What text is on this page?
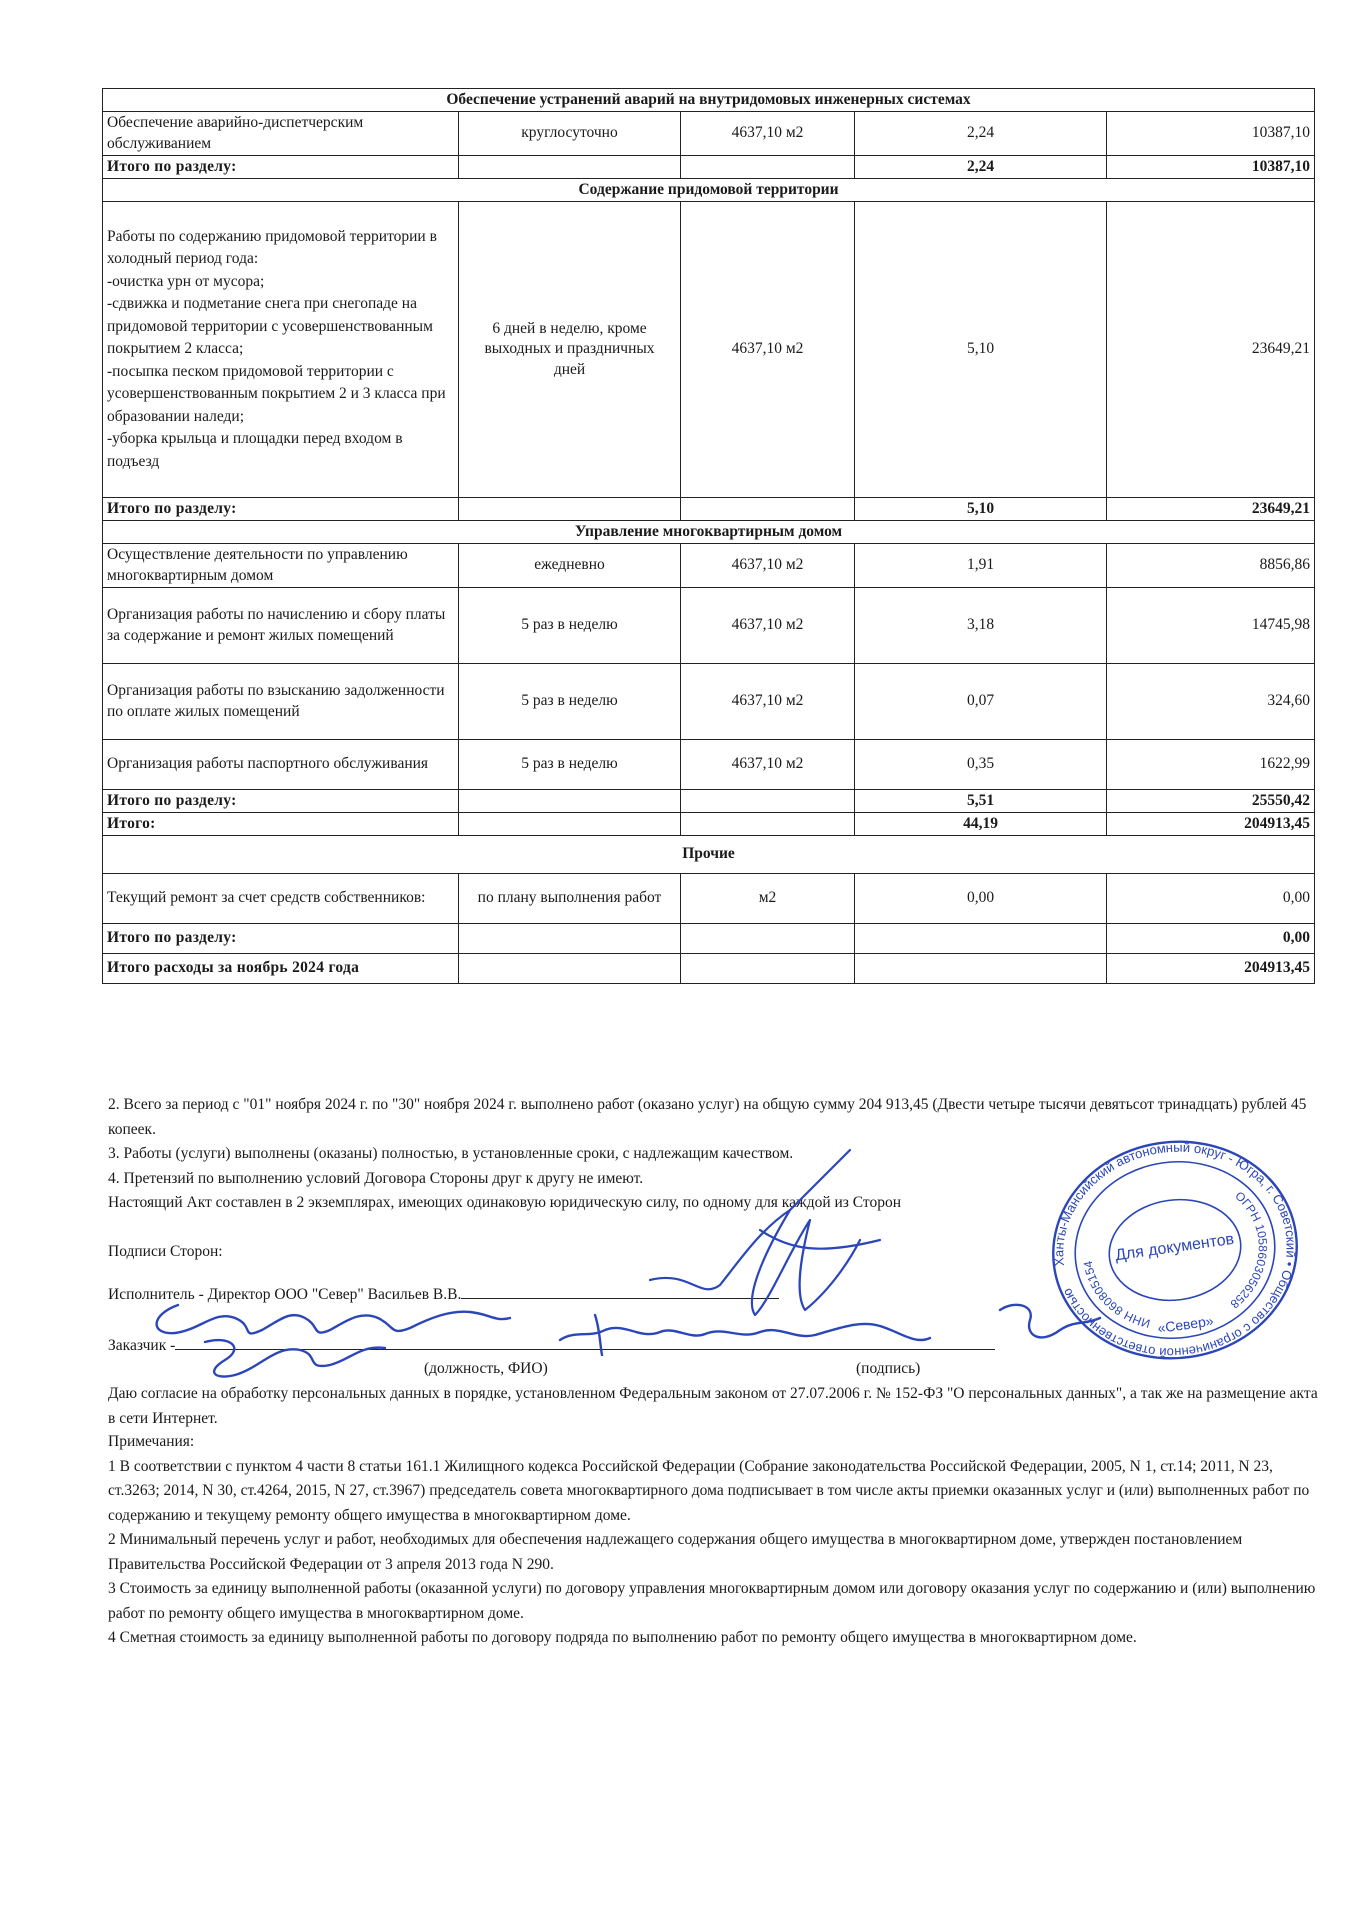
Обеспечение устранений аварий на внутридомовых инженерных системах				
Обеспечение аварийно-диспетчерским обслуживанием	круглосуточно	4637,10 м2	2,24	10387,10
Итого по разделу:			2,24	10387,10
Содержание придомовой территории				
Работы по содержанию придомовой территории в холодный период года:
-очистка урн от мусора;
-сдвижка и подметание снега при снегопаде на придомовой территории с усовершенствованным покрытием 2 класса;
-посыпка песком придомовой территории с усовершенствованным покрытием 2 и 3 класса при образовании наледи;
-уборка крыльца и площадки перед входом в подъезд	6 дней в неделю, кроме выходных и праздничных дней	4637,10 м2	5,10	23649,21
Итого по разделу:			5,10	23649,21
Управление многоквартирным домом				
Осуществление деятельности по управлению многоквартирным домом	ежедневно	4637,10 м2	1,91	8856,86
Организация работы по начислению и сбору платы за содержание и ремонт жилых помещений	5 раз в неделю	4637,10 м2	3,18	14745,98
Организация работы по взысканию задолженности по оплате жилых помещений	5 раз в неделю	4637,10 м2	0,07	324,60
Организация работы паспортного обслуживания	5 раз в неделю	4637,10 м2	0,35	1622,99
Итого по разделу:			5,51	25550,42
Итого:			44,19	204913,45
Прочие				
Текущий ремонт за счет средств собственников:	по плану выполнения работ	м2	0,00	0,00
Итого по разделу:				0,00
Итого расходы за ноябрь 2024 года				204913,45

2. Всего за период с "01" ноября 2024 г. по "30" ноября 2024 г. выполнено работ (оказано услуг) на общую сумму 204 913,45 (Двести четыре тысячи девятьсот тринадцать) рублей 45 копеек.

3. Работы (услуги) выполнены (оказаны) полностью, в установленные сроки, с надлежащим качеством.

4. Претензий по выполнению условий Договора Стороны друг к другу не имеют.

Настоящий Акт составлен в 2 экземплярах, имеющих одинаковую юридическую силу, по одному для каждой из Сторон

Подписи Сторон:
Исполнитель - Директор ООО "Север" Васильев В.В.
Заказчик -
(должность, ФИО)	(подпись)
Даю согласие на обработку персональных данных в порядке, установленном Федеральным законом от 27.07.2006 г. № 152-ФЗ "О персональных данных", а так же на размещение акта в сети Интернет.

Примечания:

1 В соответствии с пунктом 4 части 8 статьи 161.1 Жилищного кодекса Российской Федерации (Собрание законодательства Российской Федерации, 2005, N 1, ст.14; 2011, N 23, ст.3263; 2014, N 30, ст.4264, 2015, N 27, ст.3967) председатель совета многоквартирного дома подписывает в том числе акты приемки оказанных услуг и (или) выполненных работ по содержанию и текущему ремонту общего имущества в многоквартирном доме.

2 Минимальный перечень услуг и работ, необходимых для обеспечения надлежащего содержания общего имущества в многоквартирном доме, утвержден постановлением Правительства Российской Федерации от 3 апреля 2013 года N 290.

3 Стоимость за единицу выполненной работы (оказанной услуги) по договору управления многоквартирным домом или договору оказания услуг по содержанию и (или) выполнению работ по ремонту общего имущества в многоквартирном доме.

4 Сметная стоимость за единицу выполненной работы по договору подряда по выполнению работ по ремонту общего имущества в многоквартирном доме.

Ханты-Мансийский автономный округ - Югра, г. Советский • Общество с ограниченной ответственностью
ОГРН 1058603056258
ИНН 8608051540
Для документов
«Север»
